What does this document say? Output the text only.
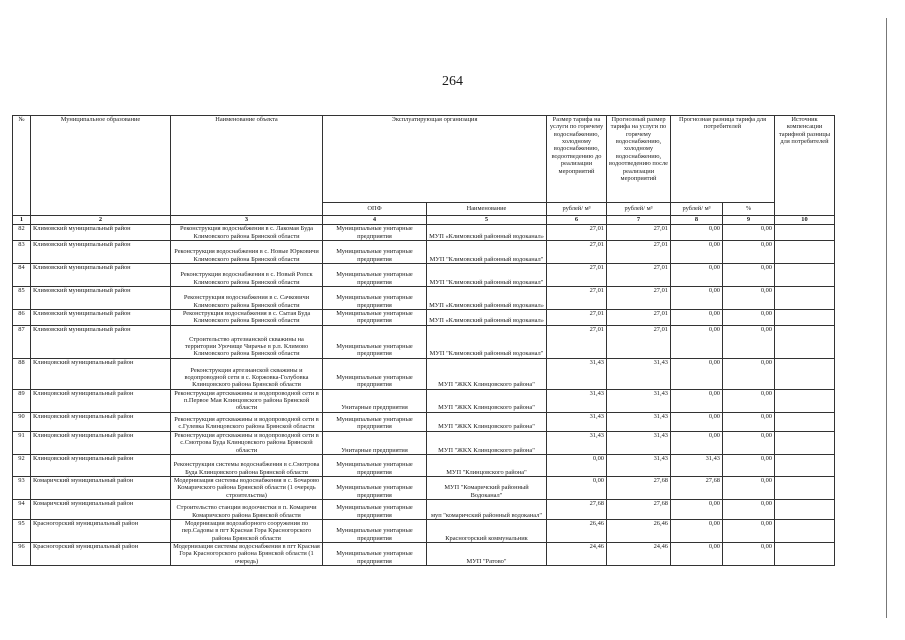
264
№	Муниципальное образование	Наименование объекта	Эксплуатирующая организация		Размер тарифа на услуги по горячему водоснабжению, холодному водоснабжению, водоотведению до реализации мероприятий	Прогнозный размер тарифа на услуги по горячему водоснабжению, холодному водоснабжению, водоотведению после реализации мероприятий	Прогнозная разница тарифа для потребителей		Источник компенсации тарифной разницы для потребителей
			ОПФ	Наименование	рублей/ м³	рублей/ м³	рублей/ м³	%	
1	2	3	4	5	6	7	8	9	10
82	Климовский муниципальный район	Реконструкция водоснабжения в с. Лакомая Буда Климовского района Брянской области	Муниципальные унитарные предприятия	МУП «Климовский районный водоканал»	27,01	27,01	0,00	0,00	
83	Климовский муниципальный район	Реконструкция водоснабжения в с. Новые Юрковичи Климовского района Брянской области	Муниципальные унитарные предприятия	МУП "Климовский районный водоканал"	27,01	27,01	0,00	0,00	
84	Климовский муниципальный район	Реконструкция водоснабжения в с. Новый Ропск Климовского района Брянской области	Муниципальные унитарные предприятия	МУП "Климовский районный водоканал"	27,01	27,01	0,00	0,00	
85	Климовский муниципальный район	Реконструкция водоснабжения в с. Сачковичи Климовского района Брянской области	Муниципальные унитарные предприятия	МУП «Климовский районный водоканал»	27,01	27,01	0,00	0,00	
86	Климовский муниципальный район	Реконструкция водоснабжения в с. Сытая Буда Климовского района Брянской области	Муниципальные унитарные предприятия	МУП «Климовский районный водоканал»	27,01	27,01	0,00	0,00	
87	Климовский муниципальный район	Строительство артезианской скважины на территории Урочище Чирачье в р.п. Климово Климовского района Брянской области	Муниципальные унитарные предприятия	МУП "Климовский районный водоканал"	27,01	27,01	0,00	0,00	
88	Клинцовский муниципальный район	Реконструкция артезианской скважины и водопроводной сети в с. Коржовка-Голубовка Клинцовского района Брянской области	Муниципальные унитарные предприятия	МУП "ЖКХ Клинцовского района"	31,43	31,43	0,00	0,00	
89	Клинцовский муниципальный район	Реконструкция артскважины и водопроводной сети в п.Первое Мая Клинцовского района Брянской области	Унитарные предприятия	МУП "ЖКХ Клинцовского района"	31,43	31,43	0,00	0,00	
90	Клинцовский муниципальный район	Реконструкция артскважины и водопроводной сети в с.Гулевка Клинцовского района Брянской области	Муниципальные унитарные предприятия	МУП "ЖКХ Клинцовского района"	31,43	31,43	0,00	0,00	
91	Клинцовский муниципальный район	Реконструкция артскважины и водопроводной сети в с.Смотрова Буда Клинцовского района Брянской области	Унитарные предприятия	МУП "ЖКХ Клинцовского района"	31,43	31,43	0,00	0,00	
92	Клинцовский муниципальный район	Реконструкция системы водоснабжения в с.Смотрова Буда Клинцовского района Брянской области	Муниципальные унитарные предприятия	МУП "Клинцовского района"	0,00	31,43	31,43	0,00	
93	Комаричский муниципальный район	Модернизация системы водоснабжения в с. Бочарово Комаричского района Брянской области (1 очередь строительства)	Муниципальные унитарные предприятия	МУП "Комаричский районный Водоканал"	0,00	27,68	27,68	0,00	
94	Комаричский муниципальный район	Строительство станции водоочистки в п. Комаричи Комаричского района Брянской области	Муниципальные унитарные предприятия	муп "комаричский районный водоканал"	27,68	27,68	0,00	0,00	
95	Красногорский муниципальный район	Модернизация водозаборного сооружения по пер.Садовы в пгт Красная Гора Красногорского района Брянской области	Муниципальные унитарные предприятия	Красногорский коммунальник	26,46	26,46	0,00	0,00	
96	Красногорский муниципальный район	Модернизация системы водоснабжения в пгт Красная Гора Красногорского района Брянской области (1 очередь)	Муниципальные унитарные предприятия	МУП "Ратово"	24,46	24,46	0,00	0,00	
